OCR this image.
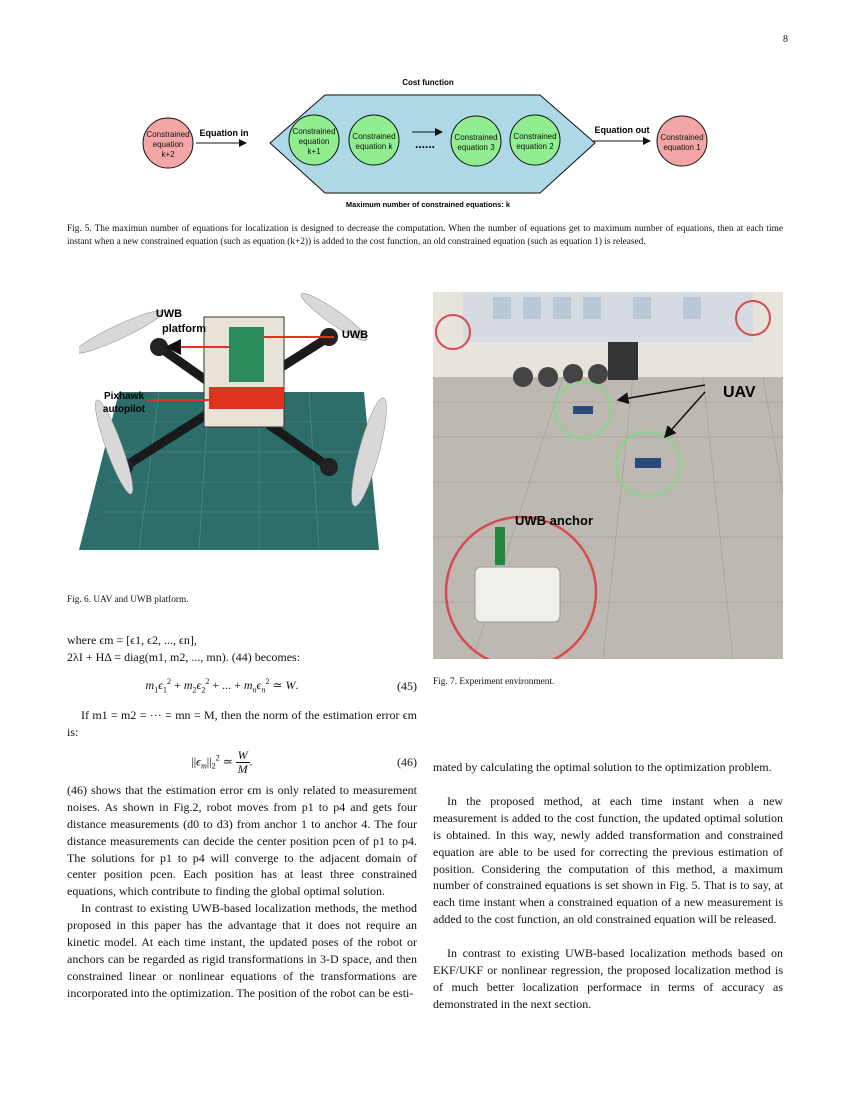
8
Cost function
Maximum number of constrained equations: k
Constrained
equation
k+2
Equation in	Constrained
equation
k+1
Constrained
equation k ...... Constrained
equation 3
Constrained
equation 2
Equation out
Constrained
equation 1
Fig. 5. The maximun number of equations for localization is designed to decrease the computation. When the number of equations get to maximum number of equations, then at each time instant when a new constrained equation (such as equation (k+2)) is added to the cost function, an old constrained equation (such as equation 1) is released.
UWB
platform	UWB
Pixhawk
autopilot
UAV
UWB anchor
Fig. 6. UAV and UWB platform.
Fig. 7. Experiment environment.

where ϵm = [ϵ1, ϵ2, ..., ϵn],

2λI + HΔ = diag(m1, m2, ..., mn). (44) becomes:

$m_1\epsilon_1^2 + m_2\epsilon_2^2$ + ... + $m_n\epsilon_n^2$ ≃ W.	(45)

If m1 = m2 = ··· = mn = M, then the norm of the estimation error ϵm is:

$||\epsilon_m||_2^2$ ≃ $\frac{W}{M}$ .	(46)

(46) shows that the estimation error ϵm is only related to measurement noises. As shown in Fig.2, robot moves from p1 to p4 and gets four distance measurements (d0 to d3) from anchor 1 to anchor 4. The four distance measurements can decide the center position pcen of p1 to p4. The solutions for p1 to p4 will converge to the adjacent domain of center position pcen. Each position has at least three constrained equations, which contribute to finding the global optimal solution.

In contrast to existing UWB-based localization methods, the method proposed in this paper has the advantage that it does not require an kinetic model. At each time instant, the updated poses of the robot or anchors can be regarded as rigid transformations in 3-D space, and then constrained linear or nonlinear equations of the transformations are incorporated into the optimization. The position of the robot can be esti-

mated by calculating the optimal solution to the optimization problem.

In the proposed method, at each time instant when a new measurement is added to the cost function, the updated optimal solution is obtained. In this way, newly added transformation and constrained equation are able to be used for correcting the previous estimation of position. Considering the computation of this method, a maximum number of constrained equations is set shown in Fig. 5. That is to say, at each time instant when a constrained equation of a new measurement is added to the cost function, an old constrained equation will be released.

In contrast to existing UWB-based localization methods based on EKF/UKF or nonlinear regression, the proposed localization method is of much better localization performace in terms of accuracy as demonstrated in the next section.
